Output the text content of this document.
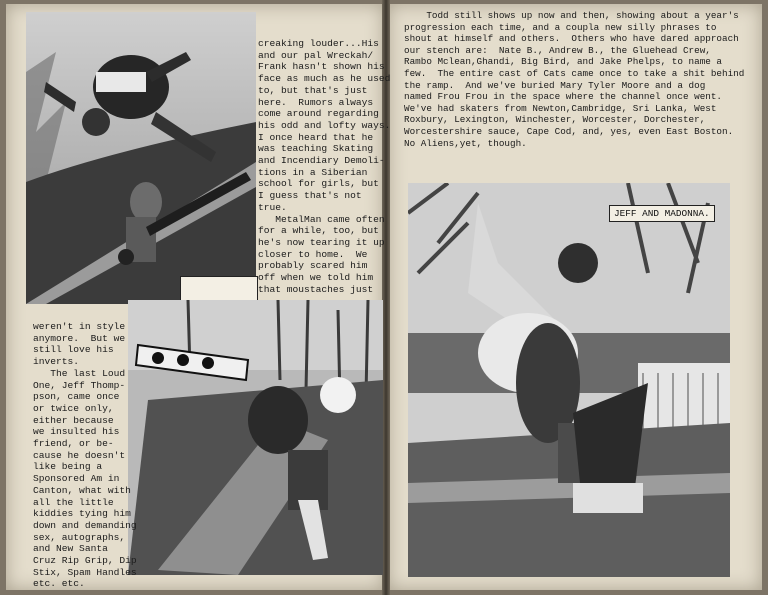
creaking louder...His
and our pal Wreckah/
Frank hasn't shown his
face as much as he used
to, but that's just
here.  Rumors always
come around regarding
his odd and lofty ways.
I once heard that he
was teaching Skating
and Incendiary Demoli-
tions in a Siberian
school for girls, but
I guess that's not
true.
MetalMan came often
for a while, too, but
he's now tearing it up
closer to home.  We
probably scared him
off when we told him
that moustaches just

weren't in style
anymore.  But we
still love his
inverts.
The last Loud
One, Jeff Thomp-
pson, came once
or twice only,
either because
we insulted his
friend, or be-
cause he doesn't
like being a
Sponsored Am in
Canton, what with
all the little
kiddies tying him
down and demanding
sex, autographs,
and New Santa
Cruz Rip Grip, Dip
Stix, Spam Handles
etc. etc.
Todd still shows up now and then, showing about a year's
progression each time, and a coupla new silly phrases to
shout at himself and others.  Others who have dared approach
our stench are:  Nate B., Andrew B., the Gluehead Crew,
Rambo Mclean,Ghandi, Big Bird, and Jake Phelps, to name a
few.  The entire cast of Cats came once to take a shit behind
the ramp.  And we've buried Mary Tyler Moore and a dog
named Frou Frou in the space where the channel once went.
We've had skaters from Newton,Cambridge, Sri Lanka, West
Roxbury, Lexington, Winchester, Worcester, Dorchester,
Worcestershire sauce, Cape Cod, and, yes, even East Boston.
No Aliens,yet, though.
JEFF AND MADONNA.
